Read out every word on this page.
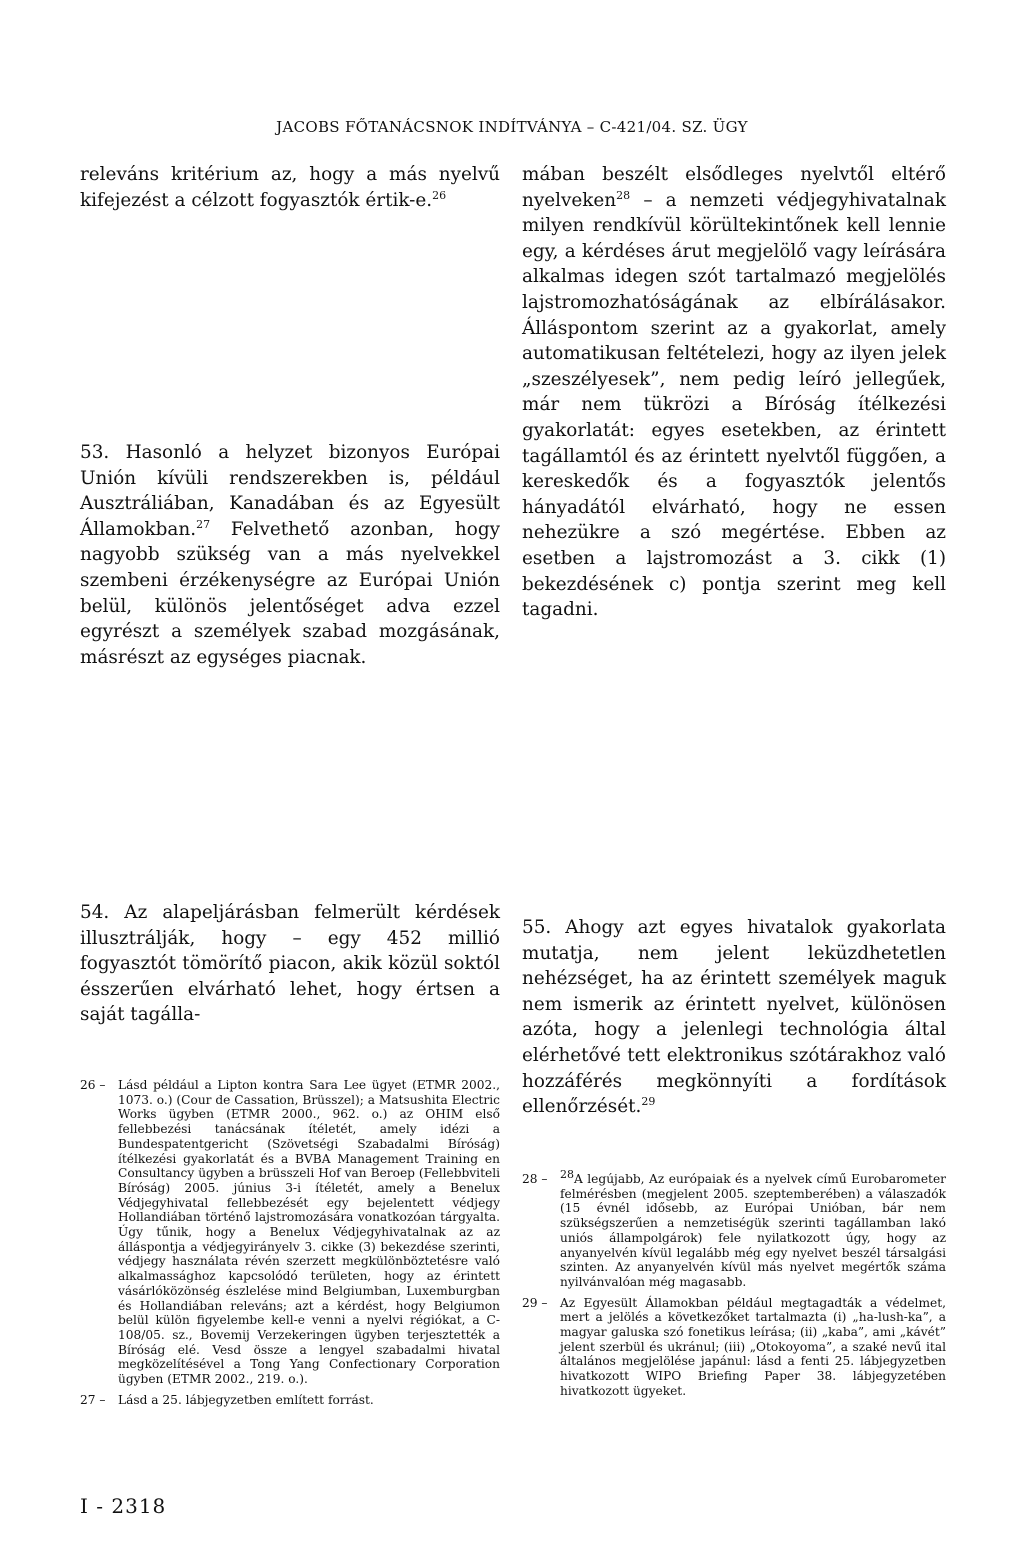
JACOBS FŐTANÁCSNOK INDÍTVÁNYA – C-421/04. SZ. ÜGY

releváns kritérium az, hogy a más nyelvű kifejezést a célzott fogyasztók értik-e.$^{26}$

53. Hasonló a helyzet bizonyos Európai Unión kívüli rendszerekben is, például Ausztráliában, Kanadában és az Egyesült Államokban.$^{27}$ Felvethető azonban, hogy nagyobb szükség van a más nyelvekkel szembeni érzékenységre az Európai Unión belül, különös jelentőséget adva ezzel egyrészt a személyek szabad mozgásának, másrészt az egységes piacnak.

mában beszélt elsődleges nyelvtől eltérő nyelveken$^{28}$ – a nemzeti védjegyhivatalnak milyen rendkívül körültekintőnek kell lennie egy, a kérdéses árut megjelölő vagy leírására alkalmas idegen szót tartalmazó megjelölés lajstromozhatóságának az elbírálásakor. Álláspontom szerint az a gyakorlat, amely automatikusan feltételezi, hogy az ilyen jelek „szeszélyesek”, nem pedig leíró jellegűek, már nem tükrözi a Bíróság ítélkezési gyakorlatát: egyes esetekben, az érintett tagállamtól és az érintett nyelvtől függően, a kereskedők és a fogyasztók jelentős hányadától elvárható, hogy ne essen nehezükre a szó megértése. Ebben az esetben a lajstromozást a 3. cikk (1) bekezdésének c) pontja szerint meg kell tagadni.

54. Az alapeljárásban felmerült kérdések illusztrálják, hogy – egy 452 millió fogyasztót tömörítő piacon, akik közül soktól ésszerűen elvárható lehet, hogy értsen a saját tagálla-

55. Ahogy azt egyes hivatalok gyakorlata mutatja, nem jelent leküzdhetetlen nehézséget, ha az érintett személyek maguk nem ismerik az érintett nyelvet, különösen azóta, hogy a jelenlegi technológia által elérhetővé tett elektronikus szótárakhoz való hozzáférés megkönnyíti a fordítások ellenőrzését.$^{29}$

26 –	Lásd például a Lipton kontra Sara Lee ügyet (ETMR 2002., 1073. o.) (Cour de Cassation, Brüsszel); a Matsushita Electric Works ügyben (ETMR 2000., 962. o.) az OHIM első fellebbezési tanácsának ítéletét, amely idézi a Bundespatentgericht (Szövetségi Szabadalmi Bíróság) ítélkezési gyakorlatát és a BVBA Management Training en Consultancy ügyben a brüsszeli Hof van Beroep (Fellebbviteli Bíróság) 2005. június 3-i ítéletét, amely a Benelux Védjegyhivatal fellebbezését egy bejelentett védjegy Hollandiában történő lajstromozására vonatkozóan tárgyalta. Úgy tűnik, hogy a Benelux Védjegyhivatalnak az az álláspontja a védjegyirányelv 3. cikke (3) bekezdése szerinti, védjegy használata révén szerzett megkülönböztetésre való alkalmassághoz kapcsolódó területen, hogy az érintett vásárlóközönség észlelése mind Belgiumban, Luxemburgban és Hollandiában releváns; azt a kérdést, hogy Belgiumon belül külön figyelembe kell-e venni a nyelvi régiókat, a C-108/05. sz., Bovemij Verzekeringen ügyben terjesztették a Bíróság elé. Vesd össze a lengyel szabadalmi hivatal megközelítésével a Tong Yang Confectionary Corporation ügyben (ETMR 2002., 219. o.).
27 –	Lásd a 25. lábjegyzetben említett forrást.
28 –	$^{28}$A legújabb, Az európaiak és a nyelvek című Eurobarometer felmérésben (megjelent 2005. szeptemberében) a válaszadók (15 évnél idősebb, az Európai Unióban, bár nem szükségszerűen a nemzetiségük szerinti tagállamban lakó uniós állampolgárok) fele nyilatkozott úgy, hogy az anyanyelvén kívül legalább még egy nyelvet beszél társalgási szinten. Az anyanyelvén kívül más nyelvet megértők száma nyilvánvalóan még magasabb.
29 –	Az Egyesült Államokban például megtagadták a védelmet, mert a jelölés a következőket tartalmazta (i) „ha-lush-ka”, a magyar galuska szó fonetikus leírása; (ii) „kaba”, ami „kávét” jelent szerbül és ukránul; (iii) „Otokoyoma”, a szaké nevű ital általános megjelölése japánul: lásd a fenti 25. lábjegyzetben hivatkozott WIPO Briefing Paper 38. lábjegyzetében hivatkozott ügyeket.
I - 2318
